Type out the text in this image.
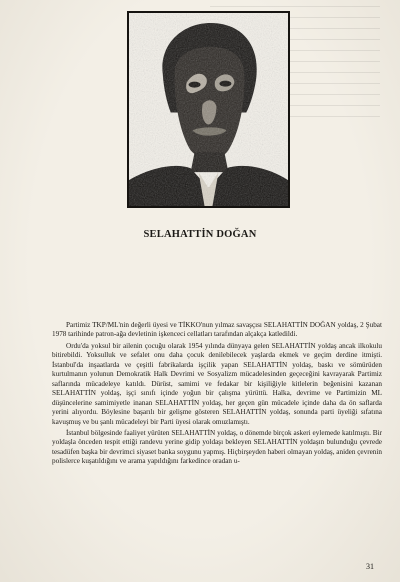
SELAHATTİN DOĞAN

Partimiz TKP/ML'nin değerli üyesi ve TİKKO'nun yılmaz savaşçısı SELAHATTİN DOĞAN yoldaş, 2 Şubat 1978 tarihinde patron-ağa devletinin işkenceci cellatları tarafından alçakça katledildi.

Ordu'da yoksul bir ailenin çocuğu olarak 1954 yılında dünyaya gelen SELAHATTİN yoldaş ancak ilkokulu bitirebildi. Yoksulluk ve sefalet onu daha çocuk denilebilecek yaşlarda ekmek ve geçim derdine itmişti. İstanbul'da inşaatlarda ve çeşitli fabrikalarda işçilik yapan SELAHATTİN yoldaş, baskı ve sömürüden kurtulmanın yolunun Demokratik Halk Devrimi ve Sosyalizm mücadelesinden geçeceğini kavrayarak Partimiz saflarında mücadeleye katıldı. Dürüst, samimi ve fedakar bir kişiliğiyle kitlelerin beğenisini kazanan SELAHATTİN yoldaş, işçi sınıfı içinde yoğun bir çalışma yürüttü. Halka, devrime ve Partimizin ML düşüncelerine samimiyetle inanan SELAHATTİN yoldaş, her geçen gün mücadele içinde daha da ön saflarda yerini alıyordu. Böylesine başarılı bir gelişme gösteren SELAHATTİN yoldaş, sonunda parti üyeliği sıfatına kavuşmuş ve bu şanlı mücadeleyi bir Parti üyesi olarak omuzlamıştı.

İstanbul bölgesinde faaliyet yürüten SELAHATTİN yoldaş, o dönemde birçok askeri eylemede katılmıştı. Bir yoldaşla önceden tespit ettiği randevu yerine gidip yoldaşı bekleyen SELAHATTİN yoldaşın bulunduğu çevrede tesadüfen başka bir devrimci siyaset banka soygunu yapmış. Hiçbirşeyden haberi olmayan yoldaş, aniden çevrenin polislerce kuşatıldığını ve arama yapıldığını farkedince oradan u-

31
